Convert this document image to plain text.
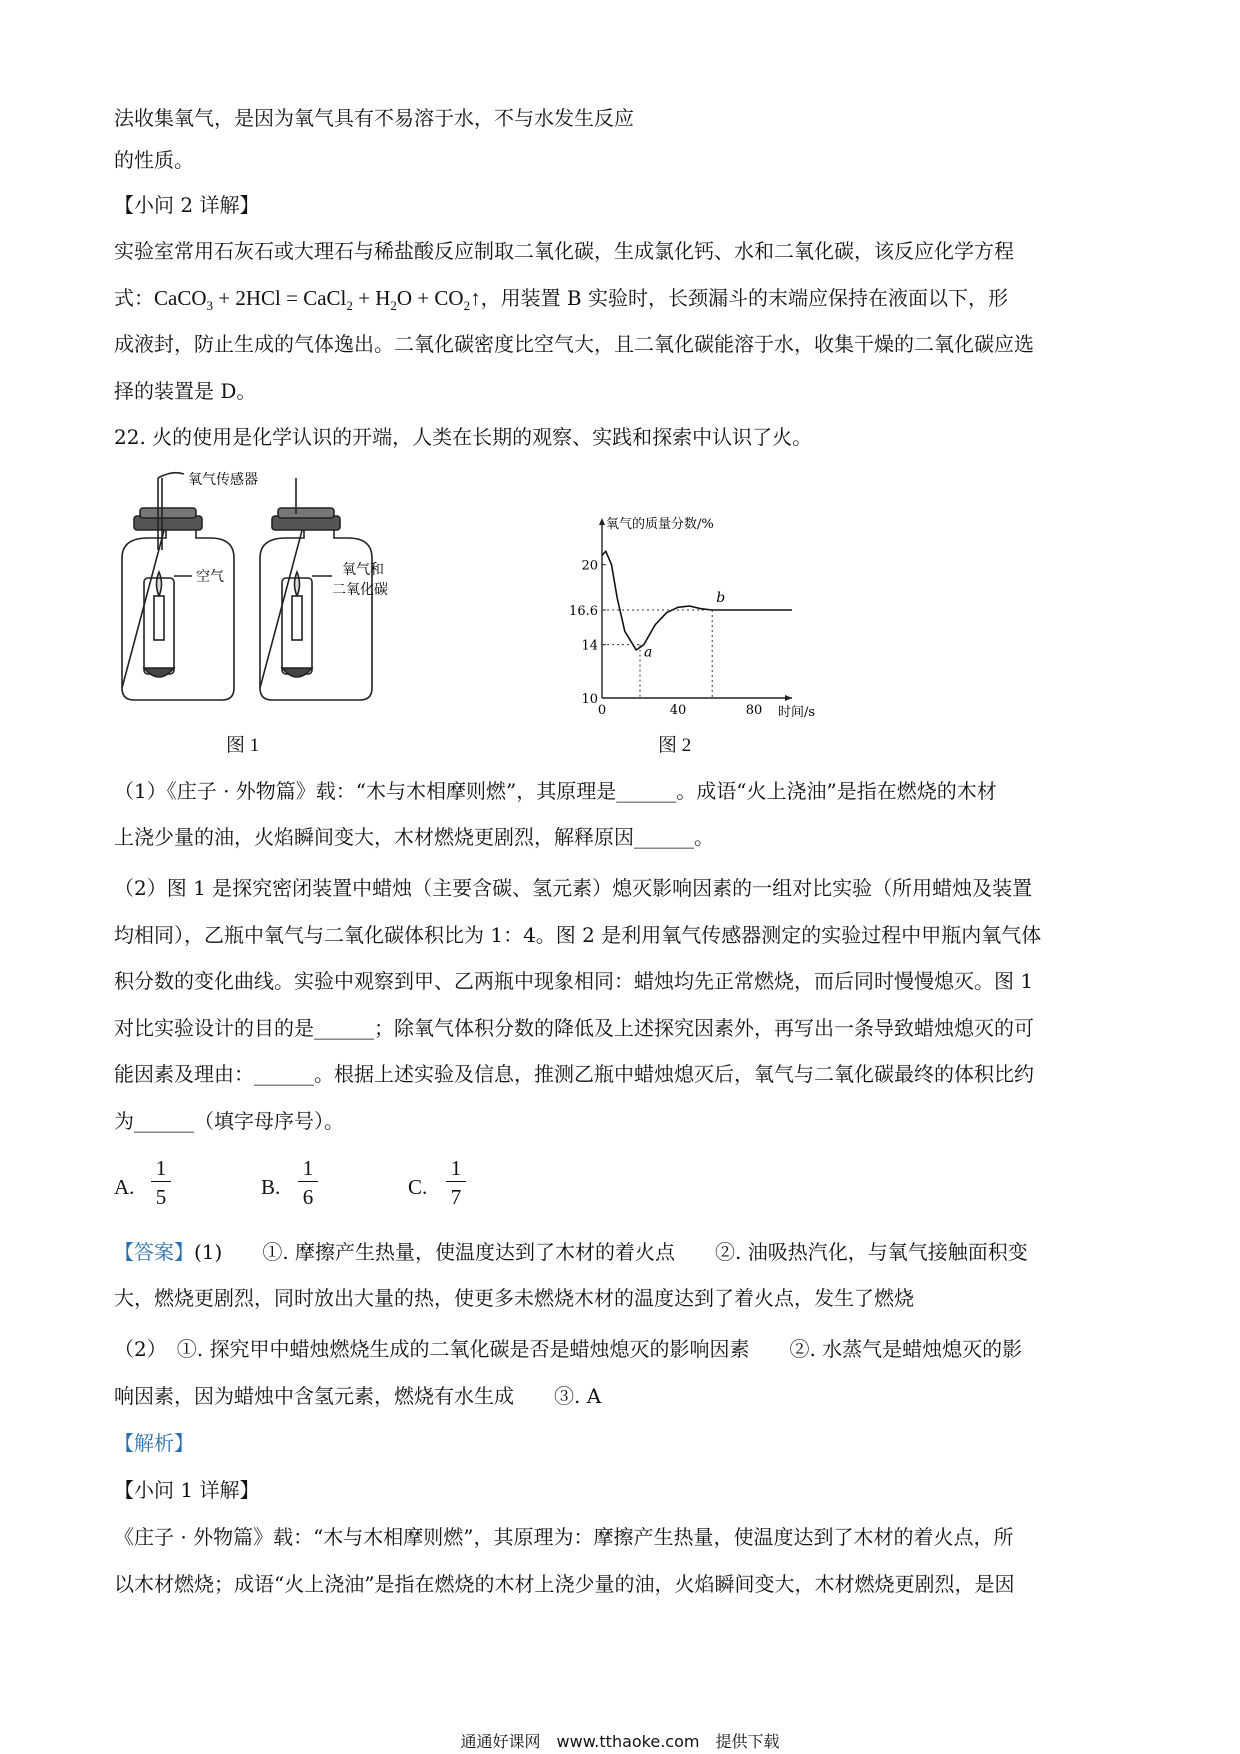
法收集氧气，是因为氧气具有不易溶于水，不与水发生反应
的性质。
【小问 2 详解】
实验室常用石灰石或大理石与稀盐酸反应制取二氧化碳，生成氯化钙、水和二氧化碳，该反应化学方程
式：CaCO$_3$ + 2HCl = CaCl$_2$ + $H_2O$ + $CO_2↑$，用装置 B 实验时，长颈漏斗的末端应保持在液面以下，形
成液封，防止生成的气体逸出。二氧化碳密度比空气大，且二氧化碳能溶于水，收集干燥的二氧化碳应选
择的装置是 D。
22. 火的使用是化学认识的开端，人类在长期的观察、实践和探索中认识了火。
氧气传感器
空气	氧气和
二氧化碳
图 1
20
16.6
14
10
0	40	80
氧气的质量分数/%
时间/s
a
b
图 2
（1）《庄子 · 外物篇》载：“木与木相摩则燃”，其原理是______。成语“火上浇油”是指在燃烧的木材
上浇少量的油，火焰瞬间变大，木材燃烧更剧烈，解释原因______。
（2）图 1 是探究密闭装置中蜡烛（主要含碳、氢元素）熄灭影响因素的一组对比实验（所用蜡烛及装置
均相同），乙瓶中氧气与二氧化碳体积比为 1：4。图 2 是利用氧气传感器测定的实验过程中甲瓶内氧气体
积分数的变化曲线。实验中观察到甲、乙两瓶中现象相同：蜡烛均先正常燃烧，而后同时慢慢熄灭。图 1
对比实验设计的目的是______；除氧气体积分数的降低及上述探究因素外，再写出一条导致蜡烛熄灭的可
能因素及理由：______。根据上述实验及信息，推测乙瓶中蜡烛熄灭后，氧气与二氧化碳最终的体积比约
为______（填字母序号）。
A. $\frac{1}{5}$	B. $\frac{1}{6}$	C. $\frac{1}{7}$
【答案】(1)　　①. 摩擦产生热量，使温度达到了木材的着火点　　②. 油吸热汽化，与氧气接触面积变
大，燃烧更剧烈，同时放出大量的热，使更多未燃烧木材的温度达到了着火点，发生了燃烧
（2）　①. 探究甲中蜡烛燃烧生成的二氧化碳是否是蜡烛熄灭的影响因素　　②. 水蒸气是蜡烛熄灭的影
响因素，因为蜡烛中含氢元素，燃烧有水生成　　③. A
【解析】
【小问 1 详解】
《庄子 · 外物篇》载：“木与木相摩则燃”，其原理为：摩擦产生热量，使温度达到了木材的着火点，所
以木材燃烧；成语“火上浇油”是指在燃烧的木材上浇少量的油，火焰瞬间变大，木材燃烧更剧烈，是因
通通好课网　www.tthaoke.com　提供下载
